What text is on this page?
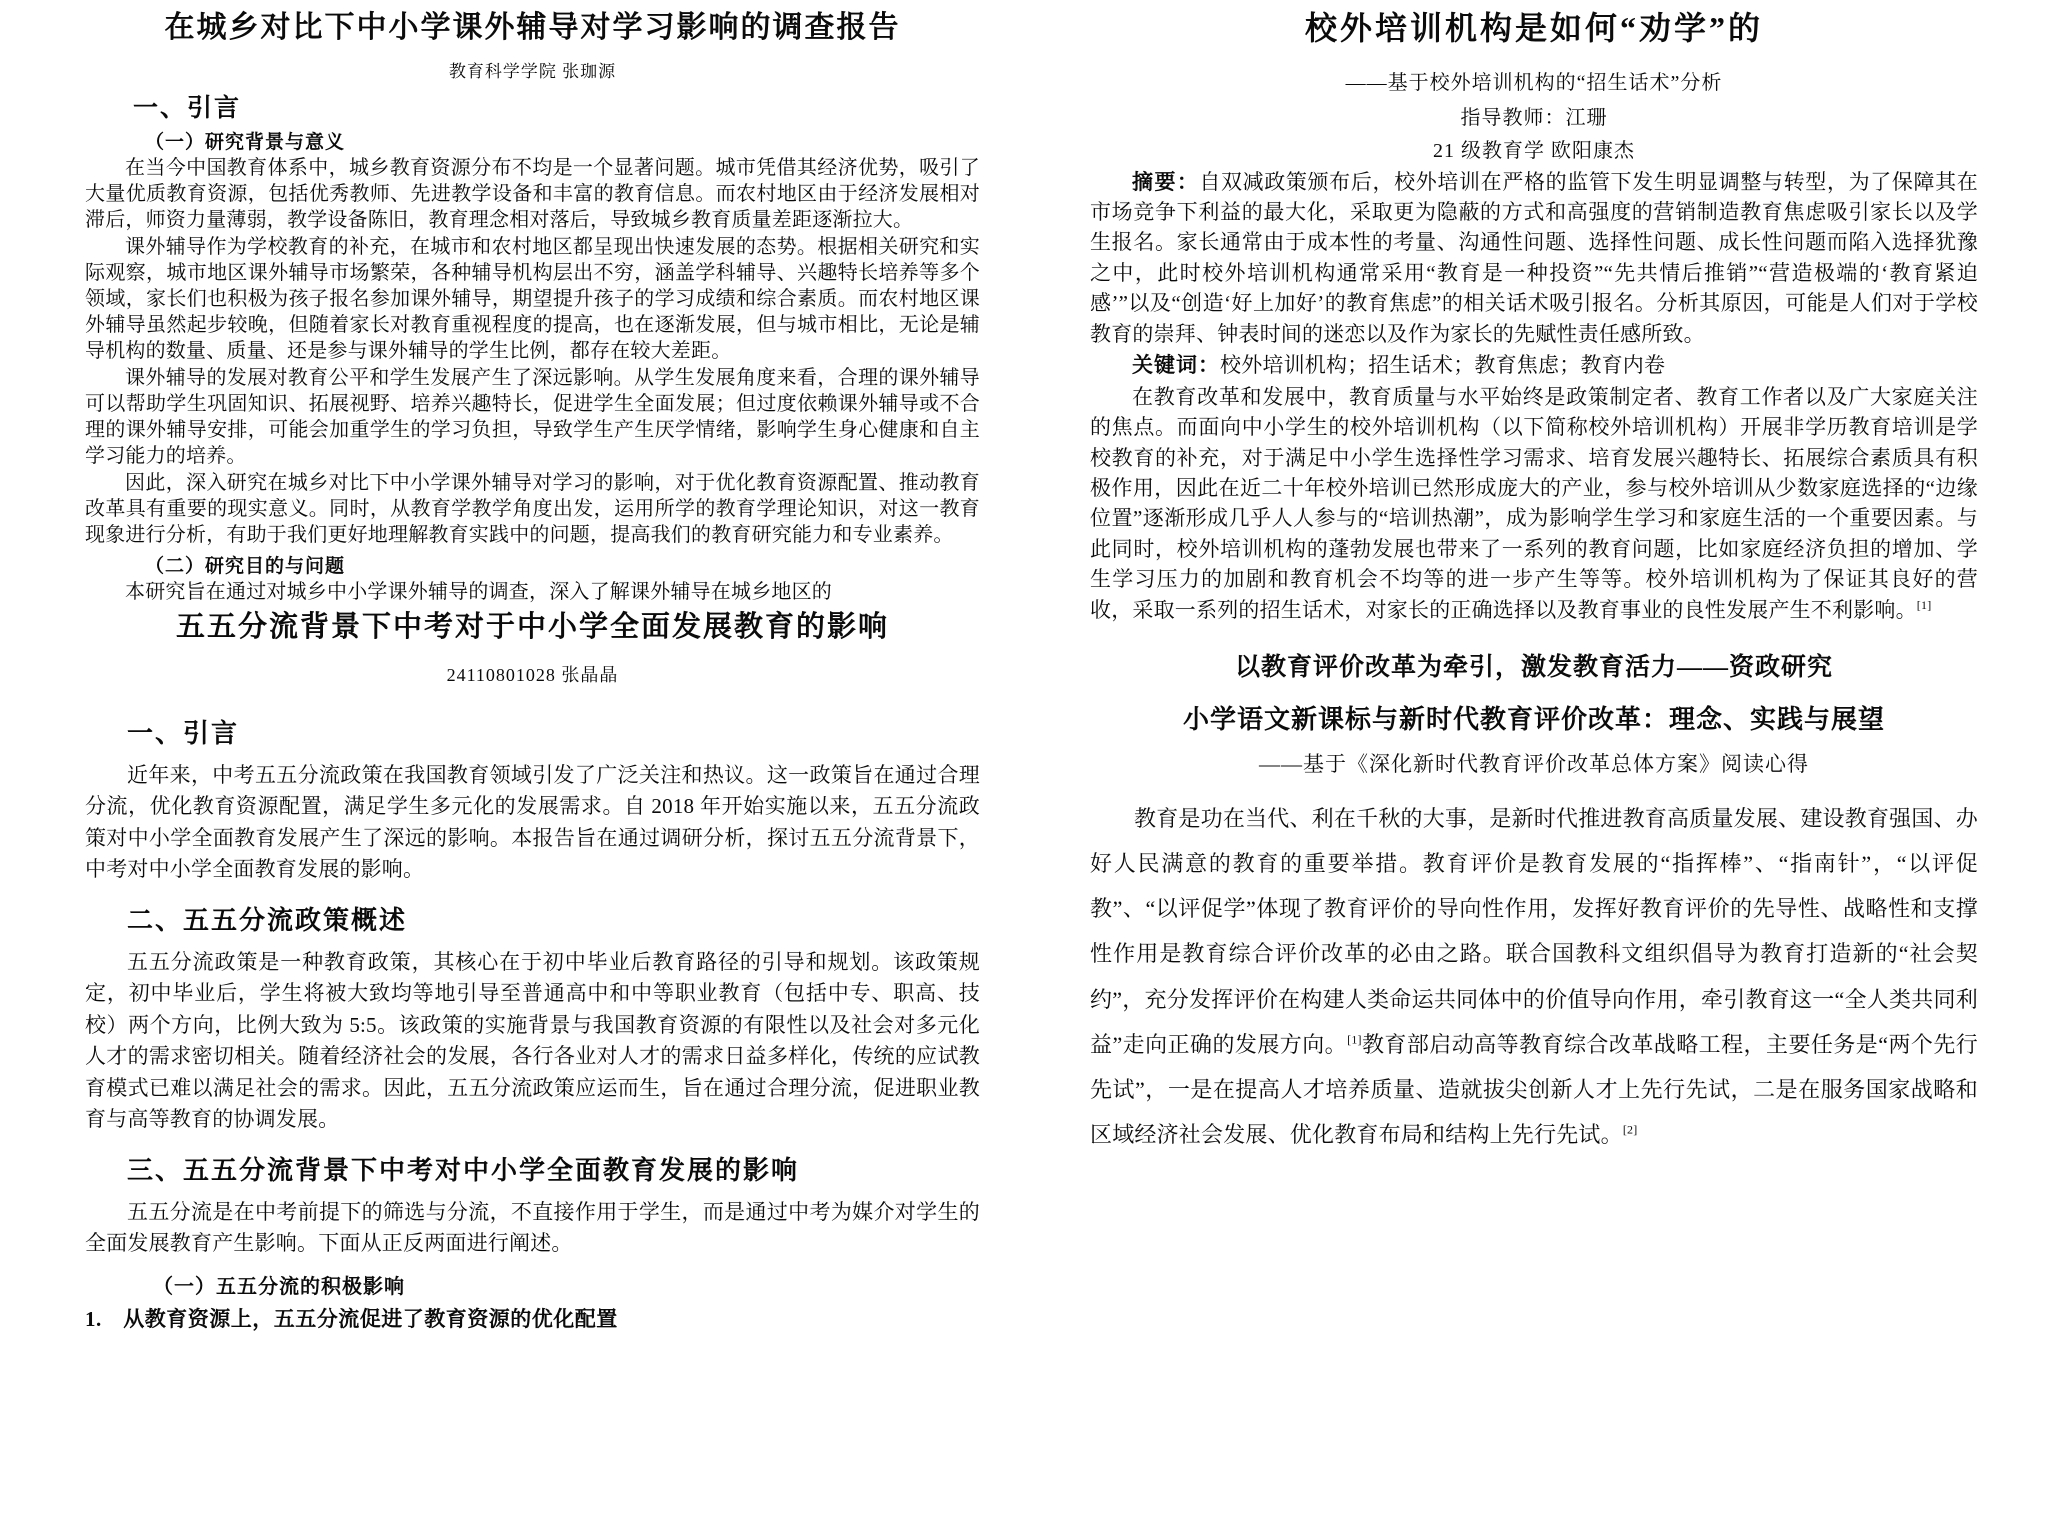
在城乡对比下中小学课外辅导对学习影响的调查报告
教育科学学院 张珈源
一、引言
（一）研究背景与意义

在当今中国教育体系中，城乡教育资源分布不均是一个显著问题。城市凭借其经济优势，吸引了大量优质教育资源，包括优秀教师、先进教学设备和丰富的教育信息。而农村地区由于经济发展相对滞后，师资力量薄弱，教学设备陈旧，教育理念相对落后，导致城乡教育质量差距逐渐拉大。

课外辅导作为学校教育的补充，在城市和农村地区都呈现出快速发展的态势。根据相关研究和实际观察，城市地区课外辅导市场繁荣，各种辅导机构层出不穷，涵盖学科辅导、兴趣特长培养等多个领域，家长们也积极为孩子报名参加课外辅导，期望提升孩子的学习成绩和综合素质。而农村地区课外辅导虽然起步较晚，但随着家长对教育重视程度的提高，也在逐渐发展，但与城市相比，无论是辅导机构的数量、质量、还是参与课外辅导的学生比例，都存在较大差距。

课外辅导的发展对教育公平和学生发展产生了深远影响。从学生发展角度来看，合理的课外辅导可以帮助学生巩固知识、拓展视野、培养兴趣特长，促进学生全面发展；但过度依赖课外辅导或不合理的课外辅导安排，可能会加重学生的学习负担，导致学生产生厌学情绪，影响学生身心健康和自主学习能力的培养。

因此，深入研究在城乡对比下中小学课外辅导对学习的影响，对于优化教育资源配置、推动教育改革具有重要的现实意义。同时，从教育学教学角度出发，运用所学的教育学理论知识，对这一教育现象进行分析，有助于我们更好地理解教育实践中的问题，提高我们的教育研究能力和专业素养。

（二）研究目的与问题

本研究旨在通过对城乡中小学课外辅导的调查，深入了解课外辅导在城乡地区的

五五分流背景下中考对于中小学全面发展教育的影响
24110801028 张晶晶
一、引言

近年来，中考五五分流政策在我国教育领域引发了广泛关注和热议。这一政策旨在通过合理分流，优化教育资源配置，满足学生多元化的发展需求。自 2018 年开始实施以来，五五分流政策对中小学全面教育发展产生了深远的影响。本报告旨在通过调研分析，探讨五五分流背景下，中考对中小学全面教育发展的影响。

二、五五分流政策概述

五五分流政策是一种教育政策，其核心在于初中毕业后教育路径的引导和规划。该政策规定，初中毕业后，学生将被大致均等地引导至普通高中和中等职业教育（包括中专、职高、技校）两个方向，比例大致为 5:5。该政策的实施背景与我国教育资源的有限性以及社会对多元化人才的需求密切相关。随着经济社会的发展，各行各业对人才的需求日益多样化，传统的应试教育模式已难以满足社会的需求。因此，五五分流政策应运而生，旨在通过合理分流，促进职业教育与高等教育的协调发展。

三、五五分流背景下中考对中小学全面教育发展的影响

五五分流是在中考前提下的筛选与分流，不直接作用于学生，而是通过中考为媒介对学生的全面发展教育产生影响。下面从正反两面进行阐述。

（一）五五分流的积极影响
1.　从教育资源上，五五分流促进了教育资源的优化配置
校外培训机构是如何“劝学”的
——基于校外培训机构的“招生话术”分析
指导教师：江珊
21 级教育学 欧阳康杰

摘要：自双减政策颁布后，校外培训在严格的监管下发生明显调整与转型，为了保障其在市场竞争下利益的最大化，采取更为隐蔽的方式和高强度的营销制造教育焦虑吸引家长以及学生报名。家长通常由于成本性的考量、沟通性问题、选择性问题、成长性问题而陷入选择犹豫之中，此时校外培训机构通常采用“教育是一种投资”“先共情后推销”“营造极端的‘教育紧迫感’”以及“创造‘好上加好’的教育焦虑”的相关话术吸引报名。分析其原因，可能是人们对于学校教育的崇拜、钟表时间的迷恋以及作为家长的先赋性责任感所致。

关键词：校外培训机构；招生话术；教育焦虑；教育内卷

在教育改革和发展中，教育质量与水平始终是政策制定者、教育工作者以及广大家庭关注的焦点。而面向中小学生的校外培训机构（以下简称校外培训机构）开展非学历教育培训是学校教育的补充，对于满足中小学生选择性学习需求、培育发展兴趣特长、拓展综合素质具有积极作用，因此在近二十年校外培训已然形成庞大的产业，参与校外培训从少数家庭选择的“边缘位置”逐渐形成几乎人人参与的“培训热潮”，成为影响学生学习和家庭生活的一个重要因素。与此同时，校外培训机构的蓬勃发展也带来了一系列的教育问题，比如家庭经济负担的增加、学生学习压力的加剧和教育机会不均等的进一步产生等等。校外培训机构为了保证其良好的营收，采取一系列的招生话术，对家长的正确选择以及教育事业的良性发展产生不利影响。[1]

以教育评价改革为牵引，激发教育活力——资政研究
小学语文新课标与新时代教育评价改革：理念、实践与展望
——基于《深化新时代教育评价改革总体方案》阅读心得

教育是功在当代、利在千秋的大事，是新时代推进教育高质量发展、建设教育强国、办好人民满意的教育的重要举措。教育评价是教育发展的“指挥棒”、“指南针”，“以评促教”、“以评促学”体现了教育评价的导向性作用，发挥好教育评价的先导性、战略性和支撑性作用是教育综合评价改革的必由之路。联合国教科文组织倡导为教育打造新的“社会契约”，充分发挥评价在构建人类命运共同体中的价值导向作用，牵引教育这一“全人类共同利益”走向正确的发展方向。[1]教育部启动高等教育综合改革战略工程，主要任务是“两个先行先试”，一是在提高人才培养质量、造就拔尖创新人才上先行先试，二是在服务国家战略和区域经济社会发展、优化教育布局和结构上先行先试。[2]
